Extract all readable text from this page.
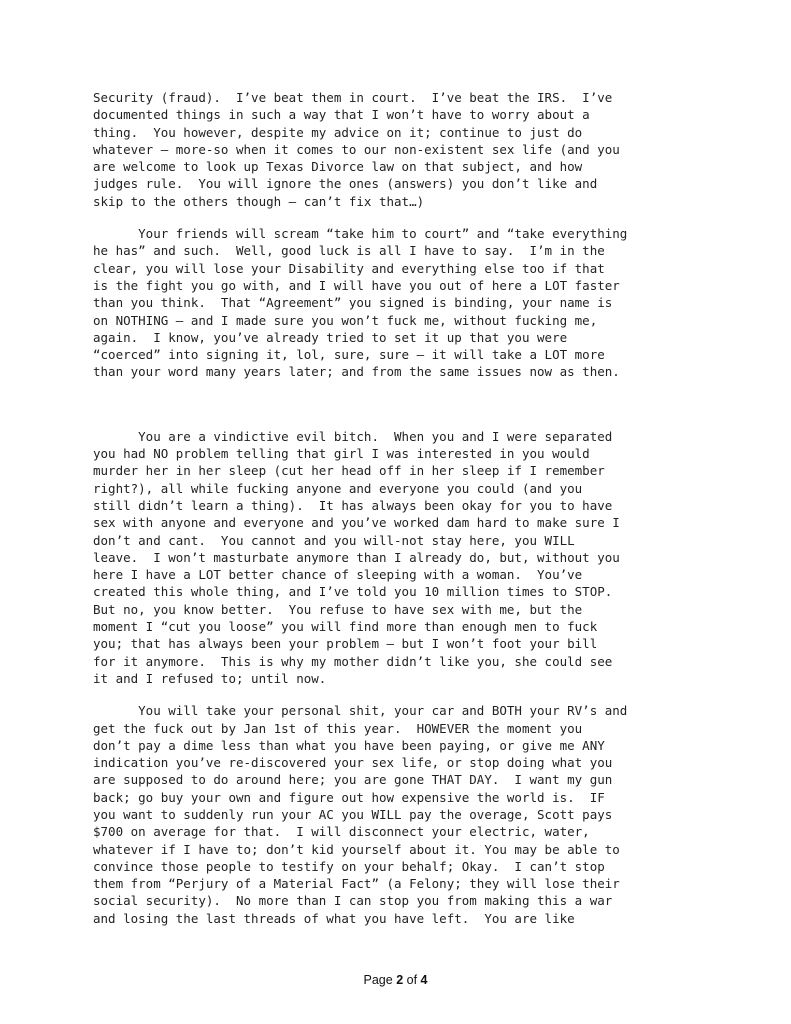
Security (fraud).  I’ve beat them in court.  I’ve beat the IRS.  I’ve
documented things in such a way that I won’t have to worry about a
thing.  You however, despite my advice on it; continue to just do
whatever – more-so when it comes to our non-existent sex life (and you
are welcome to look up Texas Divorce law on that subject, and how
judges rule.  You will ignore the ones (answers) you don’t like and
skip to the others though – can’t fix that…)
Your friends will scream “take him to court” and “take everything
he has” and such.  Well, good luck is all I have to say.  I’m in the
clear, you will lose your Disability and everything else too if that
is the fight you go with, and I will have you out of here a LOT faster
than you think.  That “Agreement” you signed is binding, your name is
on NOTHING – and I made sure you won’t fuck me, without fucking me,
again.  I know, you’ve already tried to set it up that you were
“coerced” into signing it, lol, sure, sure – it will take a LOT more
than your word many years later; and from the same issues now as then.
You are a vindictive evil bitch.  When you and I were separated
you had NO problem telling that girl I was interested in you would
murder her in her sleep (cut her head off in her sleep if I remember
right?), all while fucking anyone and everyone you could (and you
still didn’t learn a thing).  It has always been okay for you to have
sex with anyone and everyone and you’ve worked dam hard to make sure I
don’t and cant.  You cannot and you will-not stay here, you WILL
leave.  I won’t masturbate anymore than I already do, but, without you
here I have a LOT better chance of sleeping with a woman.  You’ve
created this whole thing, and I’ve told you 10 million times to STOP.
But no, you know better.  You refuse to have sex with me, but the
moment I “cut you loose” you will find more than enough men to fuck
you; that has always been your problem – but I won’t foot your bill
for it anymore.  This is why my mother didn’t like you, she could see
it and I refused to; until now.
You will take your personal shit, your car and BOTH your RV’s and
get the fuck out by Jan 1st of this year.  HOWEVER the moment you
don’t pay a dime less than what you have been paying, or give me ANY
indication you’ve re-discovered your sex life, or stop doing what you
are supposed to do around here; you are gone THAT DAY.  I want my gun
back; go buy your own and figure out how expensive the world is.  IF
you want to suddenly run your AC you WILL pay the overage, Scott pays
$700 on average for that.  I will disconnect your electric, water,
whatever if I have to; don’t kid yourself about it. You may be able to
convince those people to testify on your behalf; Okay.  I can’t stop
them from “Perjury of a Material Fact” (a Felony; they will lose their
social security).  No more than I can stop you from making this a war
and losing the last threads of what you have left.  You are like
Page 2 of 4
